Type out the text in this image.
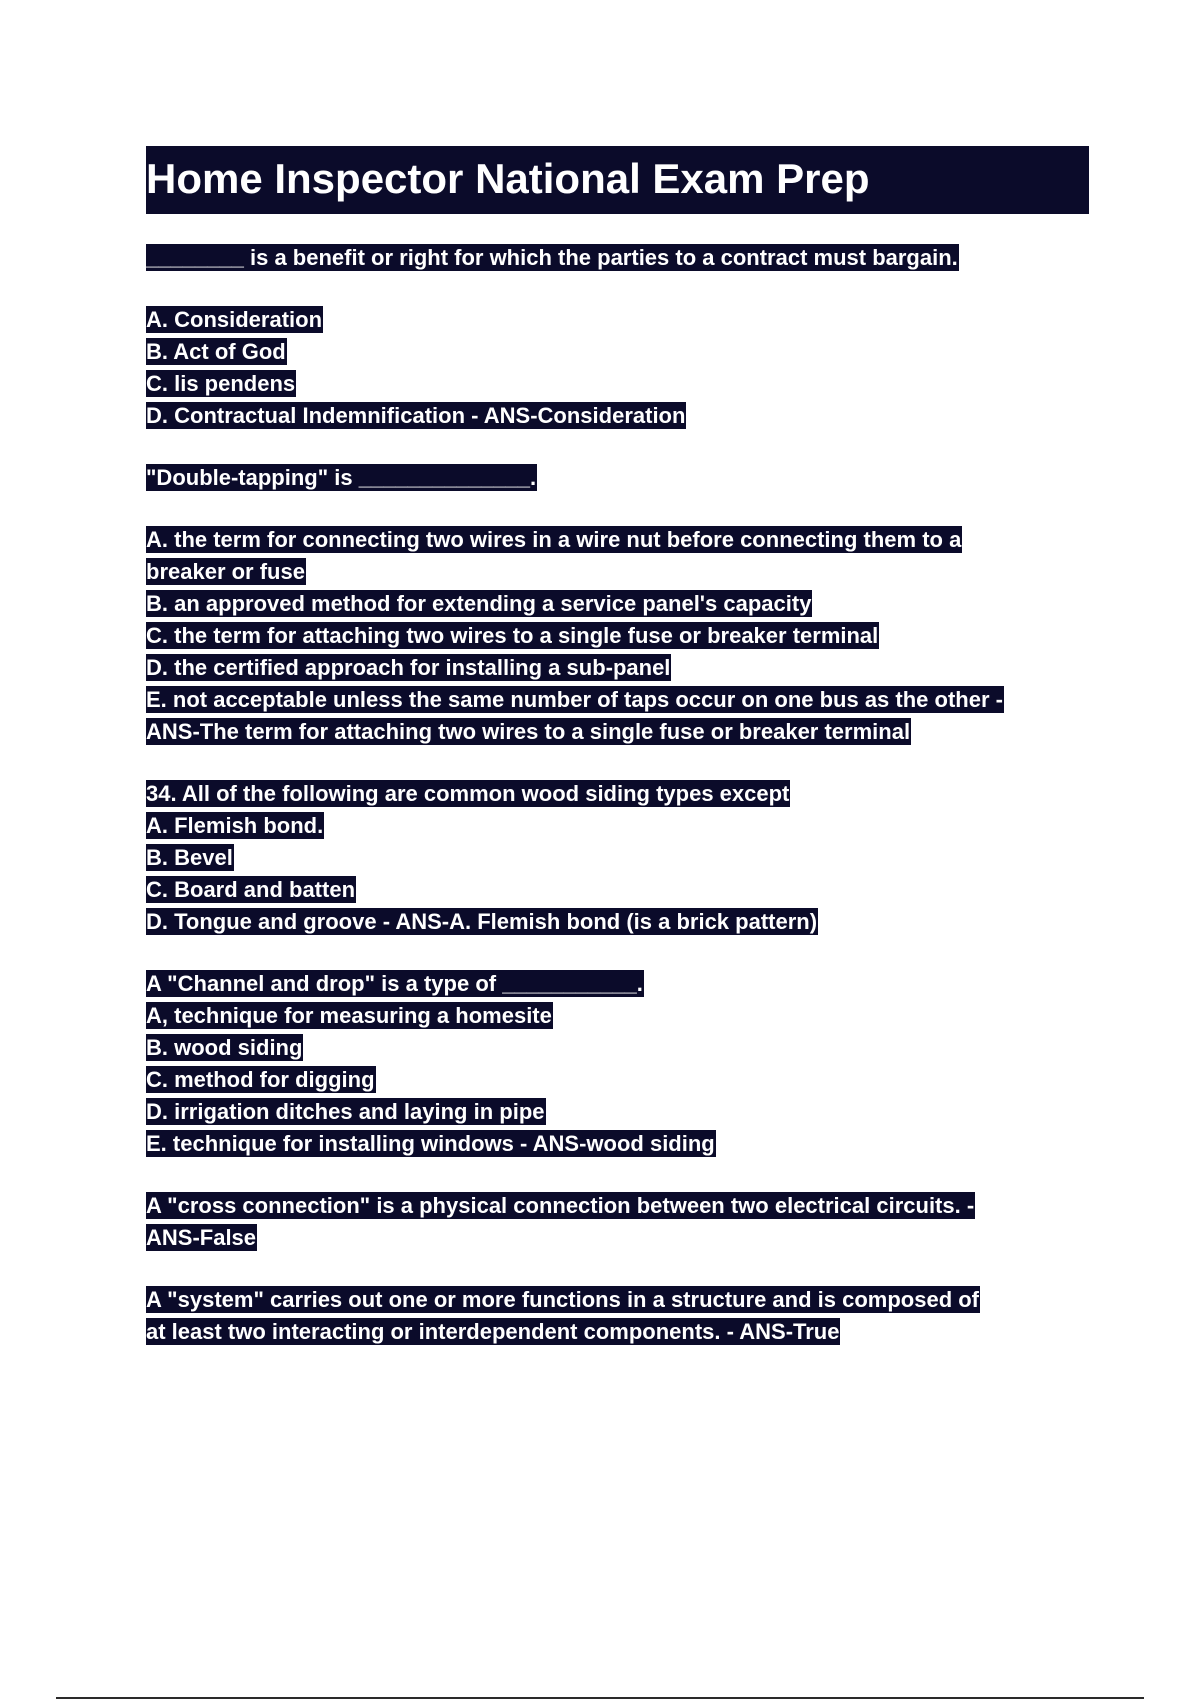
Home Inspector National Exam Prep
________ is a benefit or right for which the parties to a contract must bargain.
A. Consideration
B. Act of God
C. lis pendens
D. Contractual Indemnification - ANS-Consideration
"Double-tapping" is ______________.
A. the term for connecting two wires in a wire nut before connecting them to a
breaker or fuse
B. an approved method for extending a service panel's capacity
C. the term for attaching two wires to a single fuse or breaker terminal
D. the certified approach for installing a sub-panel
E. not acceptable unless the same number of taps occur on one bus as the other -
ANS-The term for attaching two wires to a single fuse or breaker terminal
34. All of the following are common wood siding types except
A. Flemish bond.
B. Bevel
C. Board and batten
D. Tongue and groove - ANS-A. Flemish bond (is a brick pattern)
A "Channel and drop" is a type of ___________.
A, technique for measuring a homesite
B. wood siding
C. method for digging
D. irrigation ditches and laying in pipe
E. technique for installing windows - ANS-wood siding
A "cross connection" is a physical connection between two electrical circuits. -
ANS-False
A "system" carries out one or more functions in a structure and is composed of
at least two interacting or interdependent components. - ANS-True
